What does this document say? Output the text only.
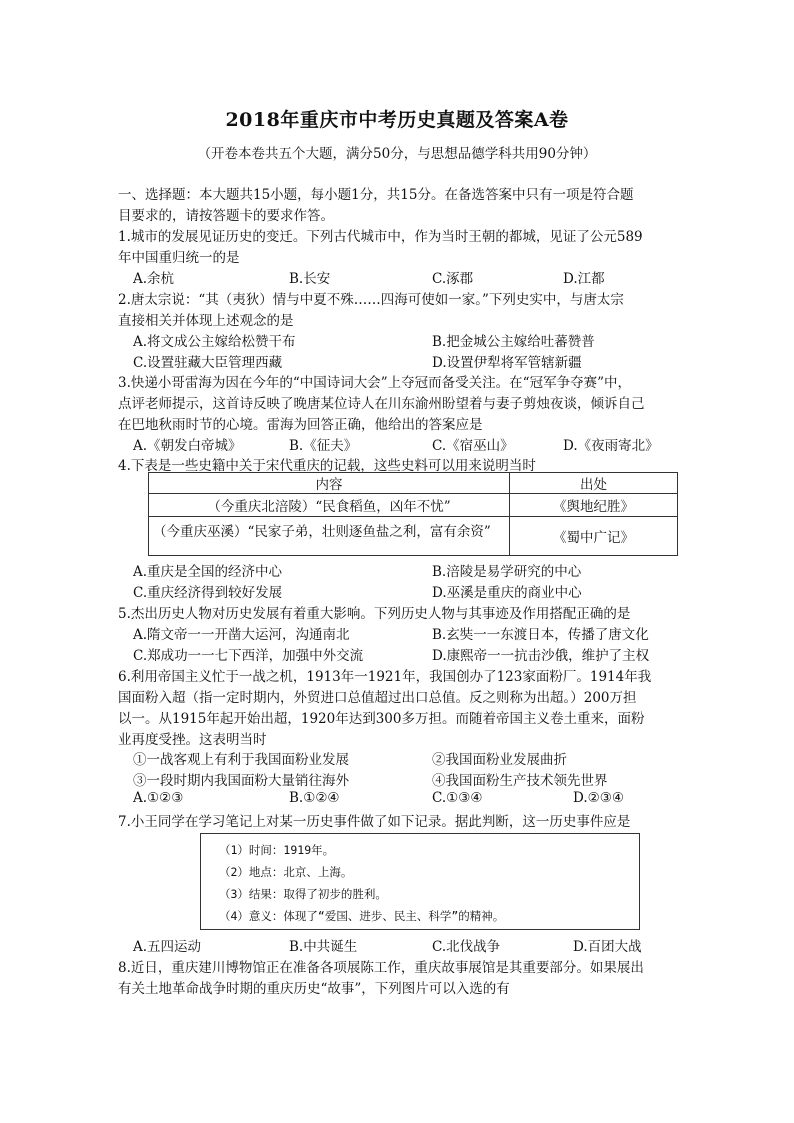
2018年重庆市中考历史真题及答案A卷
（开卷本卷共五个大题，满分50分，与思想品德学科共用90分钟）
一、选择题：本大题共15小题，每小题1分，共15分。在备选答案中只有一项是符合题
目要求的，请按答题卡的要求作答。
1.城市的发展见证历史的变迁。下列古代城市中，作为当时王朝的都城，见证了公元589
年中国重归统一的是
A.余杭	B.长安	C.涿郡	D.江都
2.唐太宗说：“其（夷狄）情与中夏不殊……四海可使如一家。”下列史实中，与唐太宗
直接相关并体现上述观念的是
A.将文成公主嫁给松赞干布	B.把金城公主嫁给吐蕃赞普
C.设置驻藏大臣管理西藏	D.设置伊犁将军管辖新疆
3.快递小哥雷海为因在今年的“中国诗词大会”上夺冠而备受关注。在“冠军争夺赛”中，
点评老师提示，这首诗反映了晚唐某位诗人在川东渝州盼望着与妻子剪烛夜谈，倾诉自己
在巴地秋雨时节的心境。雷海为回答正确，他给出的答案应是
A.《朝发白帝城》	B.《征夫》	C.《宿巫山》	D.《夜雨寄北》
4.下表是一些史籍中关于宋代重庆的记载，这些史料可以用来说明当时
内容	出处
（今重庆北涪陵）“民食稻鱼，凶年不忧”	《舆地纪胜》
（今重庆巫溪）“民家子弟，壮则逐鱼盐之利，富有余资”	《蜀中广记》
A.重庆是全国的经济中心	B.涪陵是易学研究的中心
C.重庆经济得到较好发展	D.巫溪是重庆的商业中心
5.杰出历史人物对历史发展有着重大影响。下列历史人物与其事迹及作用搭配正确的是
A.隋文帝一一开凿大运河，沟通南北	B.玄奘一一东渡日本，传播了唐文化
C.郑成功一一七下西洋，加强中外交流	D.康熙帝一一抗击沙俄，维护了主权
6.利用帝国主义忙于一战之机，1913年一1921年，我国创办了123家面粉厂。1914年我
国面粉入超（指一定时期内，外贸进口总值超过出口总值。反之则称为出超。）200万担
以一。从1915年起开始出超，1920年达到300多万担。而随着帝国主义卷土重来，面粉
业再度受挫。这表明当时
①一战客观上有利于我国面粉业发展	②我国面粉业发展曲折
③一段时期内我国面粉大量销往海外	④我国面粉生产技术领先世界
A.①②③	B.①②④	C.①③④	D.②③④
7.小王同学在学习笔记上对某一历史事件做了如下记录。据此判断，这一历史事件应是
（1）时间：1919年。
（2）地点：北京、上海。
（3）结果：取得了初步的胜利。
（4）意义：体现了“爱国、进步、民主、科学”的精神。
A.五四运动	B.中共诞生	C.北伐战争	D.百团大战
8.近日，重庆建川博物馆正在准备各项展陈工作，重庆故事展馆是其重要部分。如果展出
有关土地革命战争时期的重庆历史“故事”，下列图片可以入选的有
